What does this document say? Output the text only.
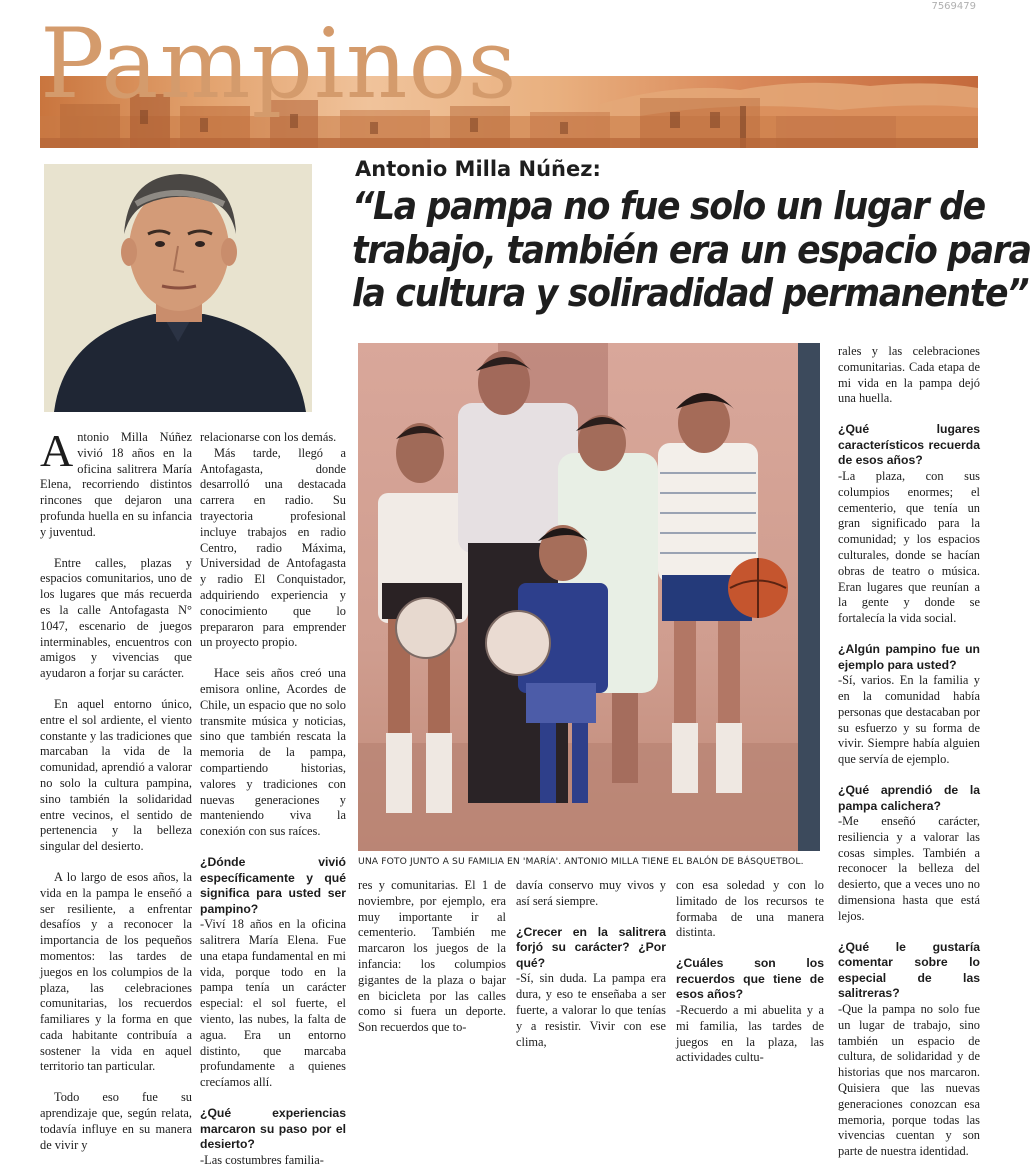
7569479
Pampinos
Antonio Milla Núñez:
“La pampa no fue solo un lugar de
trabajo, también era un espacio para
la cultura y soliradidad permanente”
UNA FOTO JUNTO A SU FAMILIA EN 'MARÍA'. ANTONIO MILLA TIENE EL BALÓN DE BÁSQUETBOL.

Antonio Milla Núñez vivió 18 años en la oficina salitrera María Elena, recorriendo distintos rincones que dejaron una profunda huella en su infancia y juventud.

Entre calles, plazas y espacios comunitarios, uno de los lugares que más recuerda es la calle Antofagasta N° 1047, escenario de juegos interminables, encuentros con amigos y vivencias que ayudaron a forjar su carácter.

En aquel entorno único, entre el sol ardiente, el viento constante y las tradiciones que marcaban la vida de la comunidad, aprendió a valorar no solo la cultura pampina, sino también la solidaridad entre vecinos, el sentido de pertenencia y la belleza singular del desierto.

A lo largo de esos años, la vida en la pampa le enseñó a ser resiliente, a enfrentar desafíos y a reconocer la importancia de los pequeños momentos: las tardes de juegos en los columpios de la plaza, las celebraciones comunitarias, los recuerdos familiares y la forma en que cada habitante contribuía a sostener la vida en aquel territorio tan particular.

Todo eso fue su aprendizaje que, según relata, todavía influye en su manera de vivir y

relacionarse con los demás.

Más tarde, llegó a Antofagasta, donde desarrolló una destacada carrera en radio. Su trayectoria profesional incluye trabajos en radio Centro, radio Máxima, Universidad de Antofagasta y radio El Conquistador, adquiriendo experiencia y conocimiento que lo prepararon para emprender un proyecto propio.

Hace seis años creó una emisora online, Acordes de Chile, un espacio que no solo transmite música y noticias, sino que también rescata la memoria de la pampa, compartiendo historias, valores y tradiciones con nuevas generaciones y manteniendo viva la conexión con sus raíces.

¿Dónde vivió específicamente y qué significa para usted ser pampino?

-Viví 18 años en la oficina salitrera María Elena. Fue una etapa fundamental en mi vida, porque todo en la pampa tenía un carácter especial: el sol fuerte, el viento, las nubes, la falta de agua. Era un entorno distinto, que marcaba profundamente a quienes crecíamos allí.

¿Qué experiencias marcaron su paso por el desierto?

-Las costumbres familia-

res y comunitarias. El 1 de noviembre, por ejemplo, era muy importante ir al cementerio. También me marcaron los juegos de la infancia: los columpios gigantes de la plaza o bajar en bicicleta por las calles como si fuera un deporte. Son recuerdos que to-

davía conservo muy vivos y así será siempre.

¿Crecer en la salitrera forjó su carácter? ¿Por qué?

-Sí, sin duda. La pampa era dura, y eso te enseñaba a ser fuerte, a valorar lo que tenías y a resistir. Vivir con ese clima,

con esa soledad y con lo limitado de los recursos te formaba de una manera distinta.

¿Cuáles son los recuerdos que tiene de esos años?

-Recuerdo a mi abuelita y a mi familia, las tardes de juegos en la plaza, las actividades cultu-

rales y las celebraciones comunitarias. Cada etapa de mi vida en la pampa dejó una huella.

¿Qué lugares característicos recuerda de esos años?

-La plaza, con sus columpios enormes; el cementerio, que tenía un gran significado para la comunidad; y los espacios culturales, donde se hacían obras de teatro o música. Eran lugares que reunían a la gente y donde se fortalecía la vida social.

¿Algún pampino fue un ejemplo para usted?

-Sí, varios. En la familia y en la comunidad había personas que destacaban por su esfuerzo y su forma de vivir. Siempre había alguien que servía de ejemplo.

¿Qué aprendió de la pampa calichera?

-Me enseñó carácter, resiliencia y a valorar las cosas simples. También a reconocer la belleza del desierto, que a veces uno no dimensiona hasta que está lejos.

¿Qué le gustaría comentar sobre lo especial de las salitreras?

-Que la pampa no solo fue un lugar de trabajo, sino también un espacio de cultura, de solidaridad y de historias que nos marcaron. Quisiera que las nuevas generaciones conozcan esa memoria, porque todas las vivencias cuentan y son parte de nuestra identidad.
